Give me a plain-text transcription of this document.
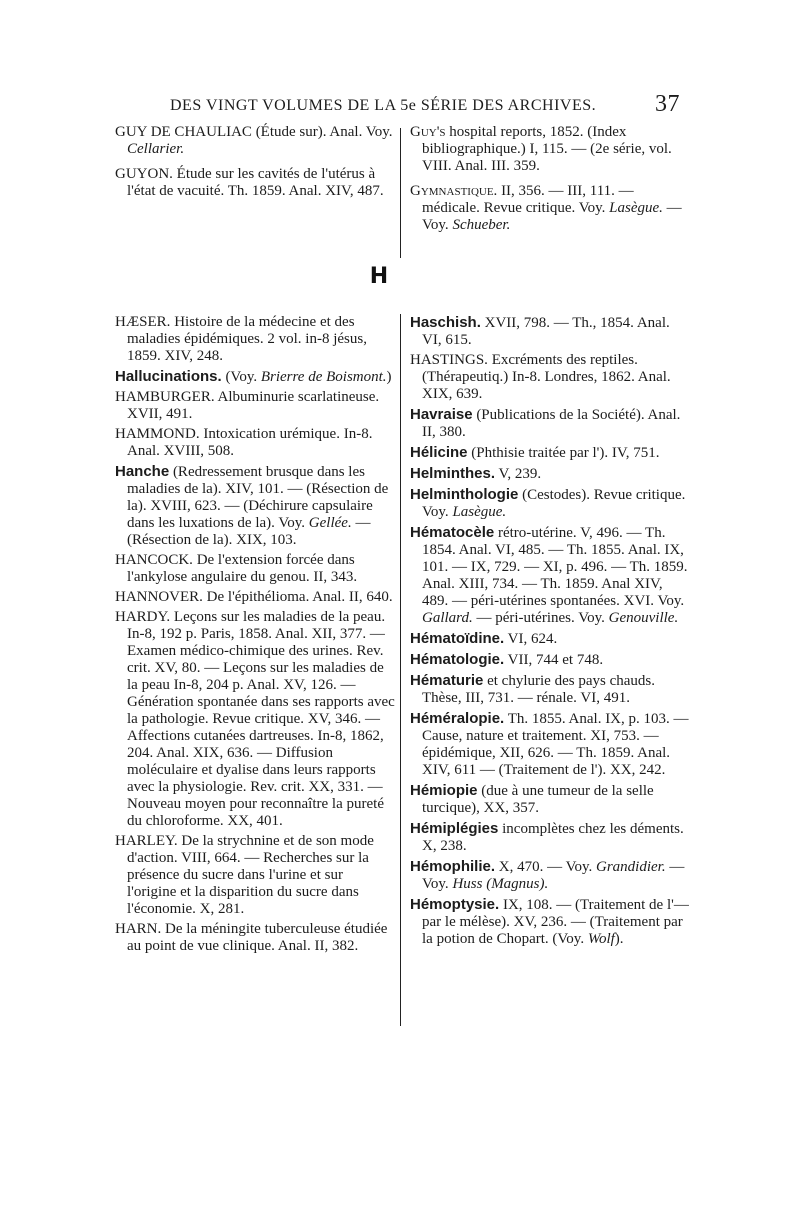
DES VINGT VOLUMES DE LA 5e SÉRIE DES ARCHIVES. 37

GUY DE CHAULIAC (Étude sur). Anal. Voy. Cellarier.

GUYON. Étude sur les cavités de l'utérus à l'état de vacuité. Th. 1859. Anal. XIV, 487.

Guy's hospital reports, 1852. (Index bibliographique.) I, 115. — (2e série, vol. VIII. Anal. III. 359.

Gymnastique. II, 356. — III, 111. — médicale. Revue critique. Voy. Lasègue. — Voy. Schueber.

H

HÆSER. Histoire de la médecine et des maladies épidémiques. 2 vol. in-8 jésus, 1859. XIV, 248.

Hallucinations. (Voy. Brierre de Boismont.)

HAMBURGER. Albuminurie scarlatineuse. XVII, 491.

HAMMOND. Intoxication urémique. In-8. Anal. XVIII, 508.

Hanche (Redressement brusque dans les maladies de la). XIV, 101. — (Résection de la). XVIII, 623. — (Déchirure capsulaire dans les luxations de la). Voy. Gellée. — (Résection de la). XIX, 103.

HANCOCK. De l'extension forcée dans l'ankylose angulaire du genou. II, 343.

HANNOVER. De l'épithélioma. Anal. II, 640.

HARDY. Leçons sur les maladies de la peau. In-8, 192 p. Paris, 1858. Anal. XII, 377. — Examen médico-chimique des urines. Rev. crit. XV, 80. — Leçons sur les maladies de la peau In-8, 204 p. Anal. XV, 126. — Génération spontanée dans ses rapports avec la pathologie. Revue critique. XV, 346. — Affections cutanées dartreuses. In-8, 1862, 204. Anal. XIX, 636. — Diffusion moléculaire et dyalise dans leurs rapports avec la physiologie. Rev. crit. XX, 331. — Nouveau moyen pour reconnaître la pureté du chloroforme. XX, 401.

HARLEY. De la strychnine et de son mode d'action. VIII, 664. — Recherches sur la présence du sucre dans l'urine et sur l'origine et la disparition du sucre dans l'économie. X, 281.

HARN. De la méningite tuberculeuse étudiée au point de vue clinique. Anal. II, 382.

Haschish. XVII, 798. — Th., 1854. Anal. VI, 615.

HASTINGS. Excréments des reptiles. (Thérapeutiq.) In-8. Londres, 1862. Anal. XIX, 639.

Havraise (Publications de la Société). Anal. II, 380.

Hélicine (Phthisie traitée par l'). IV, 751.

Helminthes. V, 239.

Helminthologie (Cestodes). Revue critique. Voy. Lasègue.

Hématocèle rétro-utérine. V, 496. — Th. 1854. Anal. VI, 485. — Th. 1855. Anal. IX, 101. — IX, 729. — XI, p. 496. — Th. 1859. Anal. XIII, 734. — Th. 1859. Anal XIV, 489. — péri-utérines spontanées. XVI. Voy. Gallard. — péri-utérines. Voy. Genouville.

Hématoïdine. VI, 624.

Hématologie. VII, 744 et 748.

Hématurie et chylurie des pays chauds. Thèse, III, 731. — rénale. VI, 491.

Héméralopie. Th. 1855. Anal. IX, p. 103. — Cause, nature et traitement. XI, 753. — épidémique, XII, 626. — Th. 1859. Anal. XIV, 611 — (Traitement de l'). XX, 242.

Hémiopie (due à une tumeur de la selle turcique), XX, 357.

Hémiplégies incomplètes chez les déments. X, 238.

Hémophilie. X, 470. — Voy. Grandidier. — Voy. Huss (Magnus).

Hémoptysie. IX, 108. — (Traitement de l'— par le mélèse). XV, 236. — (Traitement par la potion de Chopart. (Voy. Wolf).
